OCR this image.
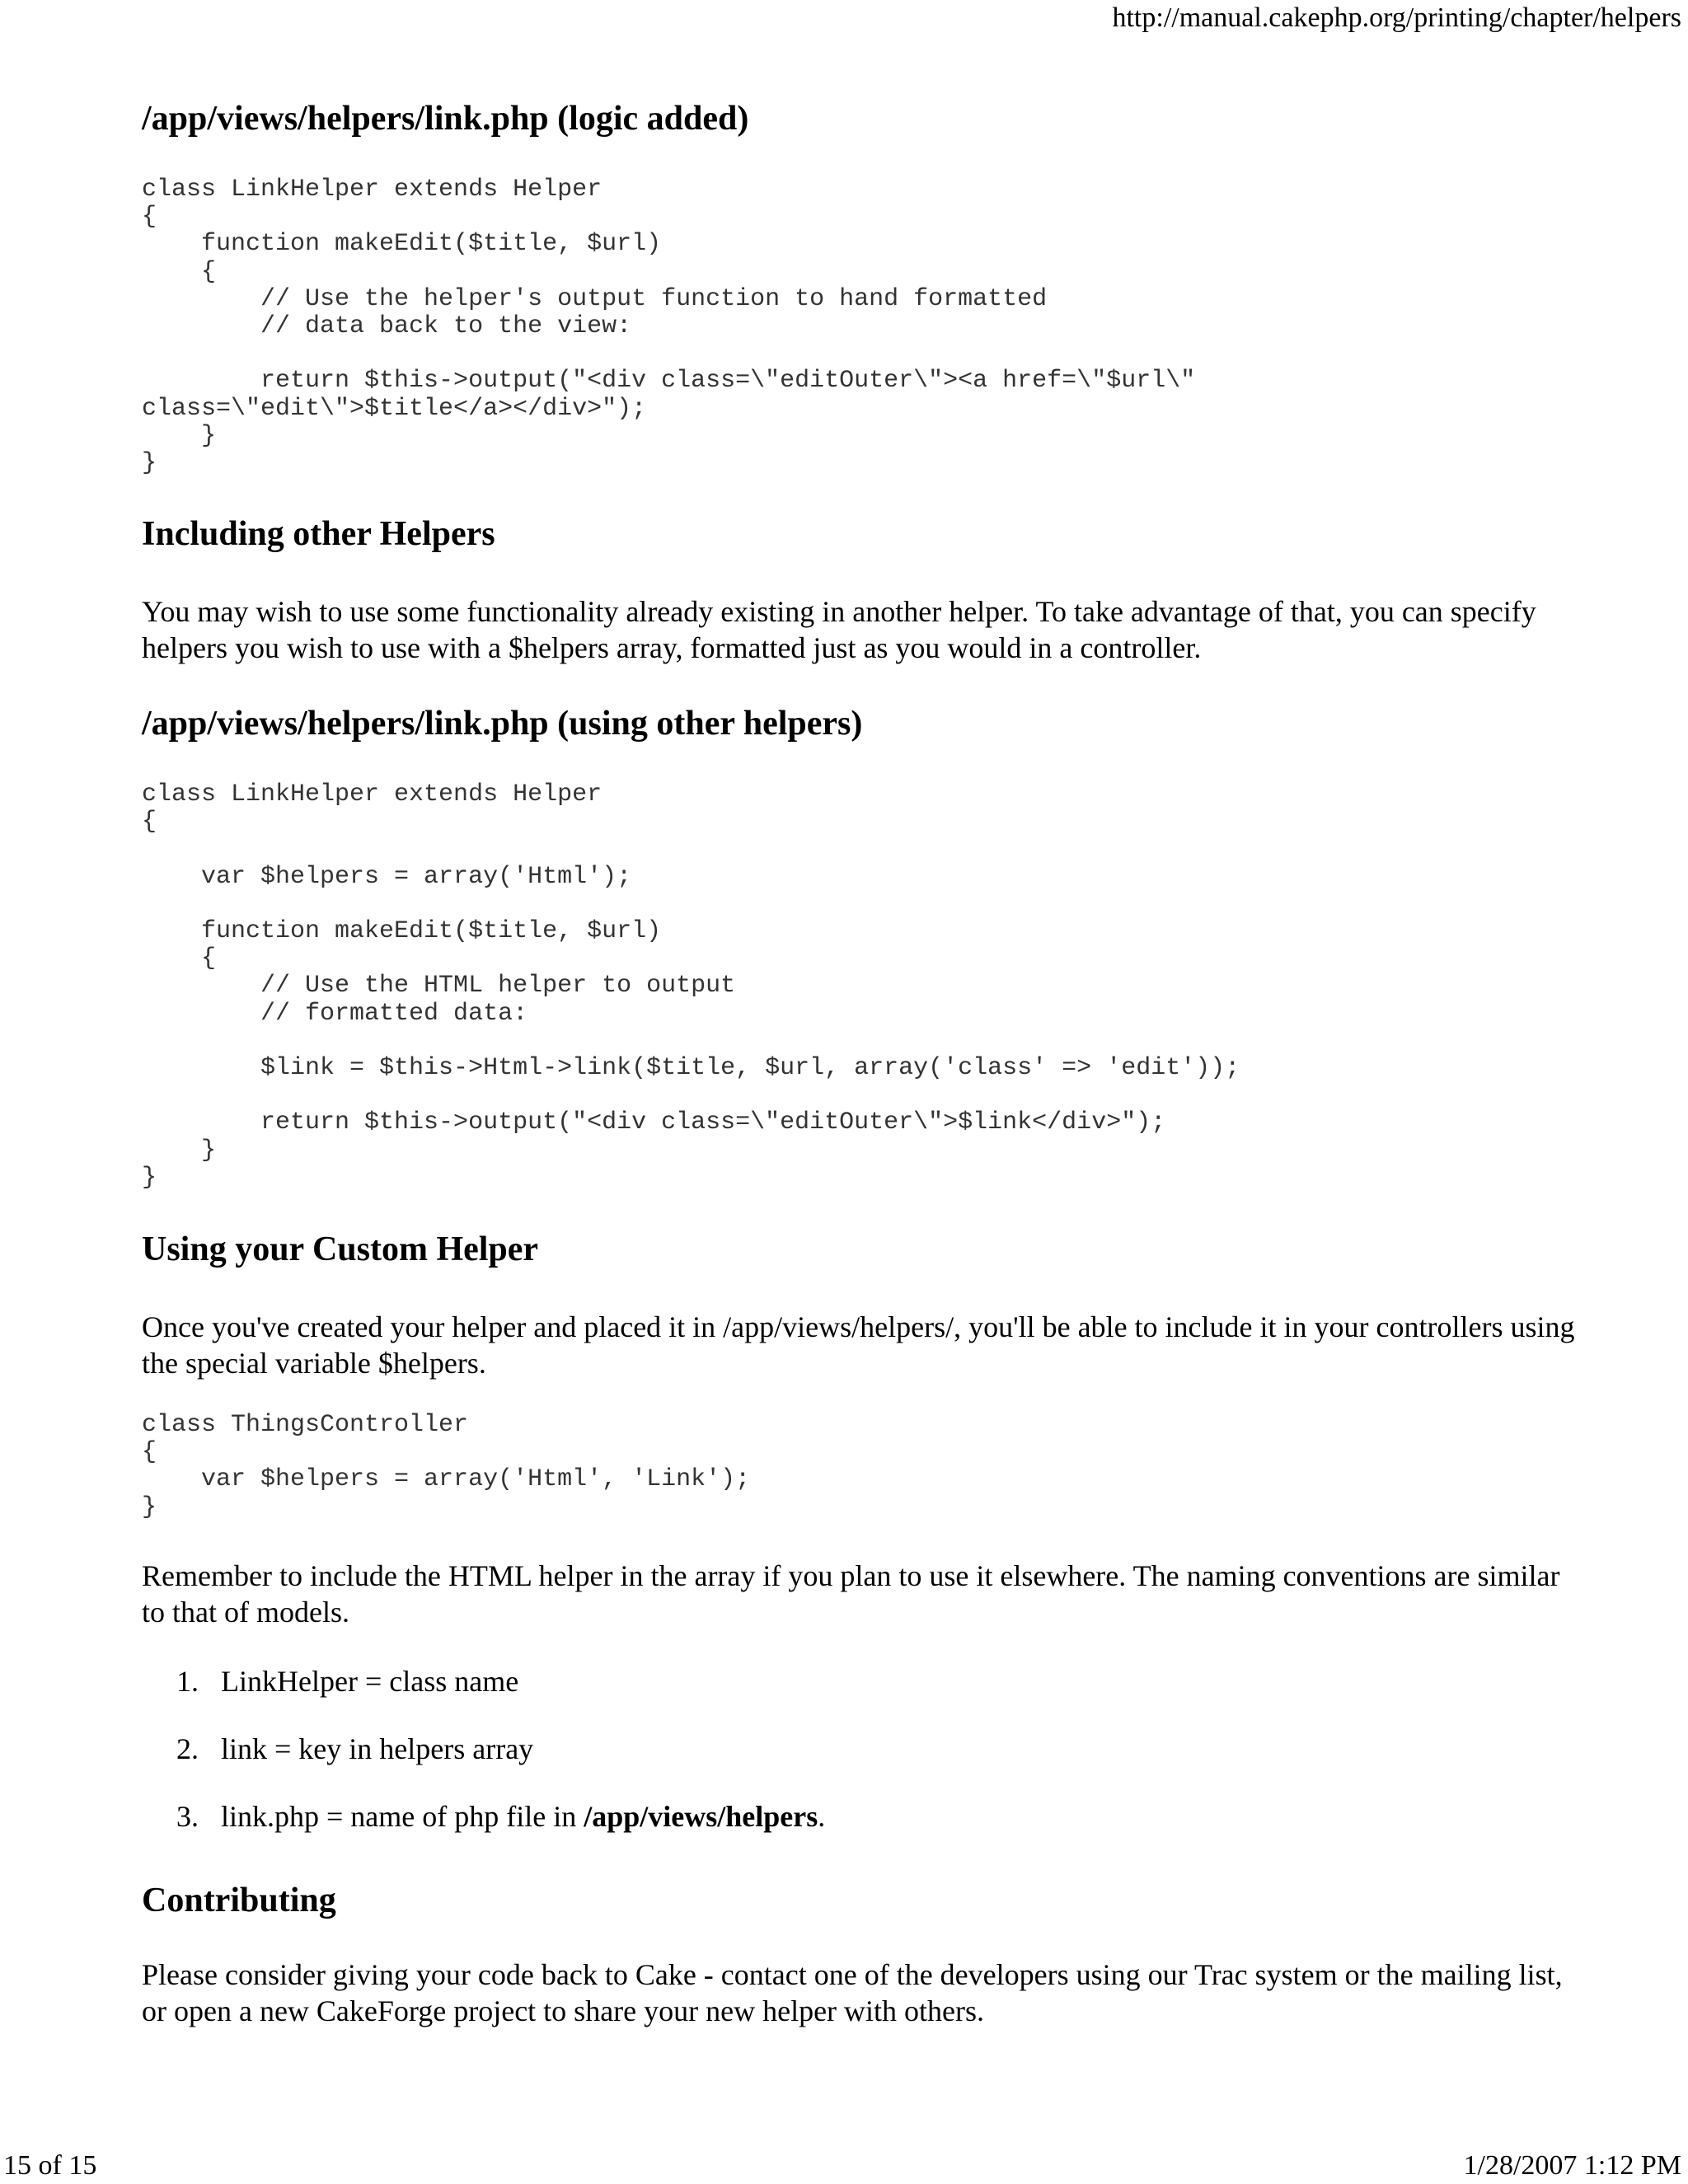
http://manual.cakephp.org/printing/chapter/helpers
/app/views/helpers/link.php (logic added)
class LinkHelper extends Helper
{
function makeEdit($title, $url)
{
// Use the helper's output function to hand formatted
// data back to the view:

return $this->output("<div class=\"editOuter\"><a href=\"$url\"
class=\"edit\">$title</a></div>");
}
}
Including other Helpers

You may wish to use some functionality already existing in another helper. To take advantage of that, you can specify helpers you wish to use with a $helpers array, formatted just as you would in a controller.

/app/views/helpers/link.php (using other helpers)
class LinkHelper extends Helper
{

var $helpers = array('Html');

function makeEdit($title, $url)
{
// Use the HTML helper to output
// formatted data:

$link = $this->Html->link($title, $url, array('class' => 'edit'));

return $this->output("<div class=\"editOuter\">$link</div>");
}
}
Using your Custom Helper

Once you've created your helper and placed it in /app/views/helpers/, you'll be able to include it in your controllers using the special variable $helpers.

class ThingsController
{
var $helpers = array('Html', 'Link');
}

Remember to include the HTML helper in the array if you plan to use it elsewhere. The naming conventions are similar to that of models.

1. LinkHelper = class name
2. link = key in helpers array
3. link.php = name of php file in /app/views/helpers.
Contributing

Please consider giving your code back to Cake - contact one of the developers using our Trac system or the mailing list, or open a new CakeForge project to share your new helper with others.

15 of 15	1/28/2007 1:12 PM
